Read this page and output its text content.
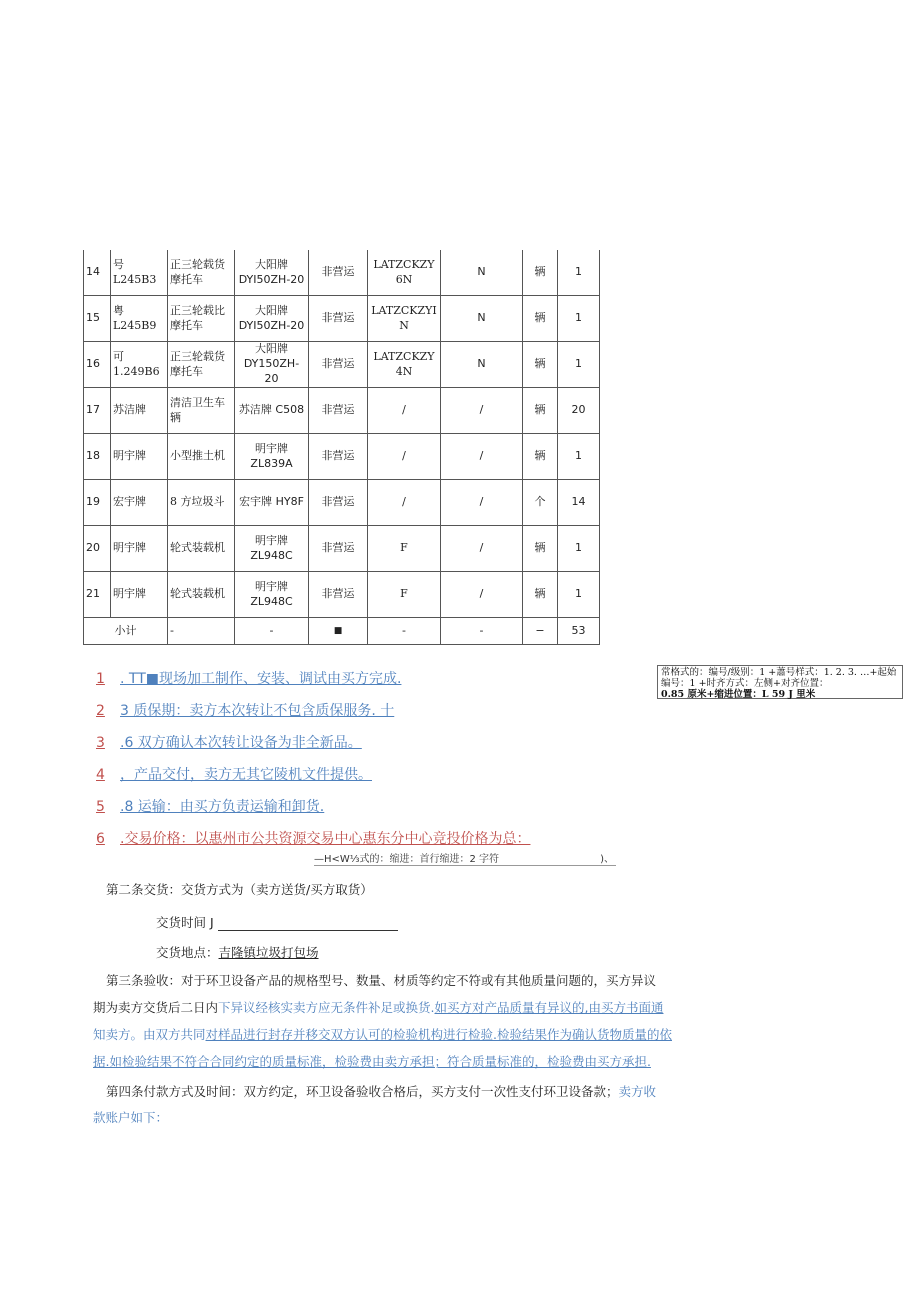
14	号 L245B3	正三轮载货摩托车	大阳牌 DYI50ZH-20	非营运	LATZCKZY 6N	N	辆	1
15	粤 L245B9	正三轮载比摩托车	大阳牌 DYI50ZH-20	非营运	LATZCKZYI N	N	辆	1
16	可 1.249B6	正三轮载货摩托车	大阳牌 DY150ZH-20	非营运	LATZCKZY 4N	N	辆	1
17	苏洁牌	清洁卫生车辆	苏洁牌 C508	非营运	/	/	辆	20
18	明宇牌	小型推土机	明宇牌 ZL839A	非营运	/	/	辆	1
19	宏宇牌	8 方垃圾斗	宏宇牌 HY8F	非营运	/	/	个	14
20	明宇牌	轮式装载机	明宇牌 ZL948C	非营运	F	/	辆	1
21	明宇牌	轮式装载机	明宇牌 ZL948C	非营运	F	/	辆	1
小计		-	-	■	-	-	−	53
1 . TT■现场加工制作、安装、调试由买方完成.
2 3 质保期：卖方本次转让不包含质保服务. 十
3 .6 双方确认本次转让设备为非全新品。
4 ，产品交付，卖方无其它陵机文件提供。
5 .8 运输：由买方负责运输和卸货.
6 .交易价格：以惠州市公共资源交易中心惠东分中心竞投价格为总：
—H<W⅓式的：缩进：首行缩进：2 字符	)、
常格式的：编号/级别：1 +蕭号样式：1. 2. 3. …+起始
编号：1 +时齐方式：左侧+对齐位置：
0.85 原米+缩进位置：L 59 J 里米
第二条交货：交货方式为（卖方送货/买方取货）
交货时间 J
交货地点：吉隆镇垃圾打包场
第三条验收：对于环卫设备产品的规格型号、数量、材质等约定不符或有其他质量问题的，买方异议
期为卖方交货后二日内下异议经核实卖方应无条件补足或换货.如买方对产品质量有异议的,由买方书面通
知卖方。由双方共同对样品进行封存并移交双方认可的检验机构进行检验.检验结果作为确认货物质量的依
据.如检验结果不符合合同约定的质量标准，检验费由卖方承担；符合质量标准的，检验费由买方承担.
第四条付款方式及时间：双方约定，环卫设备验收合格后，买方支付一次性支付环卫设备款；卖方收
款账户如下：
